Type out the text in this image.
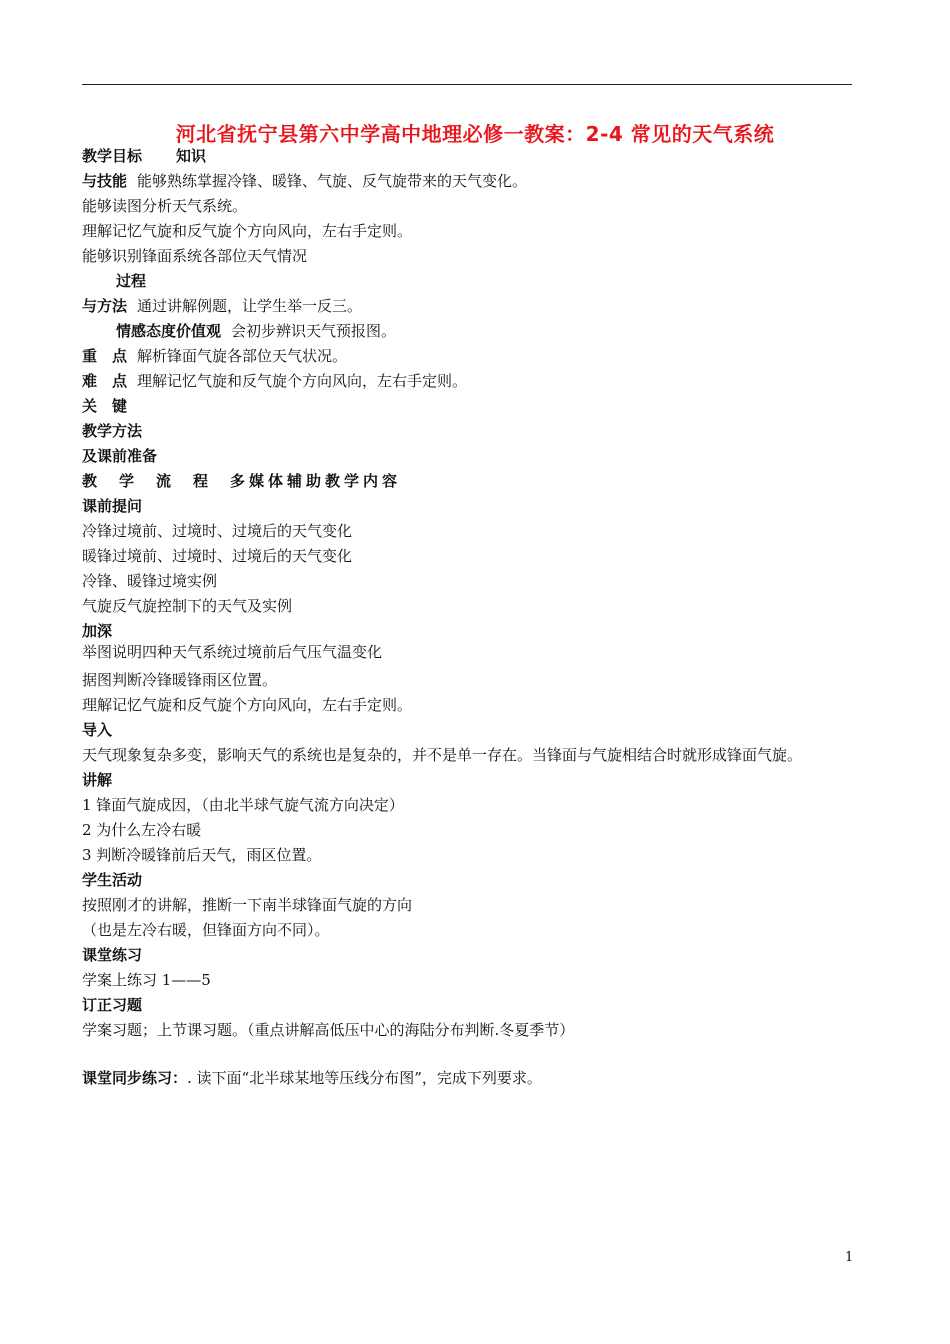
河北省抚宁县第六中学高中地理必修一教案：2-4 常见的天气系统
教学目标 知识
与技能 能够熟练掌握冷锋、暖锋、气旋、反气旋带来的天气变化。
能够读图分析天气系统。
理解记忆气旋和反气旋个方向风向，左右手定则。
能够识别锋面系统各部位天气情况
过程
与方法 通过讲解例题，让学生举一反三。
情感态度价值观 会初步辨识天气预报图。
重　点 解析锋面气旋各部位天气状况。
难　点 理解记忆气旋和反气旋个方向风向，左右手定则。
关　键
教学方法
及课前准备
教学流程多媒体辅助教学内容
课前提问
冷锋过境前、过境时、过境后的天气变化
暖锋过境前、过境时、过境后的天气变化
冷锋、暖锋过境实例
气旋反气旋控制下的天气及实例
加深
举图说明四种天气系统过境前后气压气温变化
据图判断冷锋暖锋雨区位置。
理解记忆气旋和反气旋个方向风向，左右手定则。
导入
天气现象复杂多变，影响天气的系统也是复杂的，并不是单一存在。当锋面与气旋相结合时就形成锋面气旋。
讲解
1 锋面气旋成因，（由北半球气旋气流方向决定）
2 为什么左冷右暖
3 判断冷暖锋前后天气，雨区位置。
学生活动
按照刚才的讲解，推断一下南半球锋面气旋的方向
（也是左冷右暖，但锋面方向不同）。
课堂练习
学案上练习 1——5
订正习题
学案习题；上节课习题。（重点讲解高低压中心的海陆分布判断.冬夏季节）
课堂同步练习：. 读下面“北半球某地等压线分布图”，完成下列要求。
1
